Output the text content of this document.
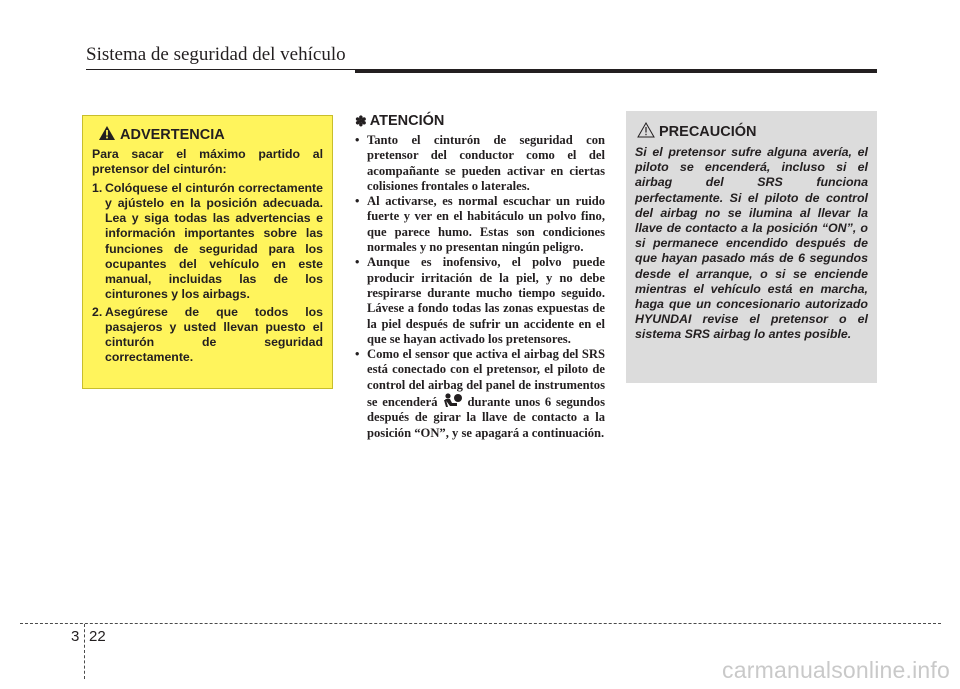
Sistema de seguridad del vehículo
ADVERTENCIA

Para sacar el máximo partido al pretensor del cinturón:

1. Colóquese el cinturón correctamente y ajústelo en la posición adecuada. Lea y siga todas las advertencias e información importantes sobre las funciones de seguridad para los ocupantes del vehículo en este manual, incluidas las de los cinturones y los airbags.
2. Asegúrese de que todos los pasajeros y usted llevan puesto el cinturón de seguridad correctamente.
✽ ATENCIÓN
• Tanto el cinturón de seguridad con pretensor del conductor como el del acompañante se pueden activar en ciertas colisiones frontales o laterales.
• Al activarse, es normal escuchar un ruido fuerte y ver en el habitáculo un polvo fino, que parece humo. Estas son condiciones normales y no presentan ningún peligro.
• Aunque es inofensivo, el polvo puede producir irritación de la piel, y no debe respirarse durante mucho tiempo seguido. Lávese a fondo todas las zonas expuestas de la piel después de sufrir un accidente en el que se hayan activado los pretensores.
• Como el sensor que activa el airbag del SRS está conectado con el pretensor, el piloto de control del airbag del panel de instrumentos se encenderá durante unos 6 segundos después de girar la llave de contacto a la posición “ON”, y se apagará a continuación.
PRECAUCIÓN
Si el pretensor sufre alguna avería, el piloto se encenderá, incluso si el airbag del SRS funciona perfectamente. Si el piloto de control del airbag no se ilumina al llevar la llave de contacto a la posición “ON”, o si permanece encendido después de que hayan pasado más de 6 segundos desde el arranque, o si se enciende mientras el vehículo está en marcha, haga que un concesionario autorizado HYUNDAI revise el pretensor o el sistema SRS airbag lo antes posible.
3 22
carmanualsonline.info
